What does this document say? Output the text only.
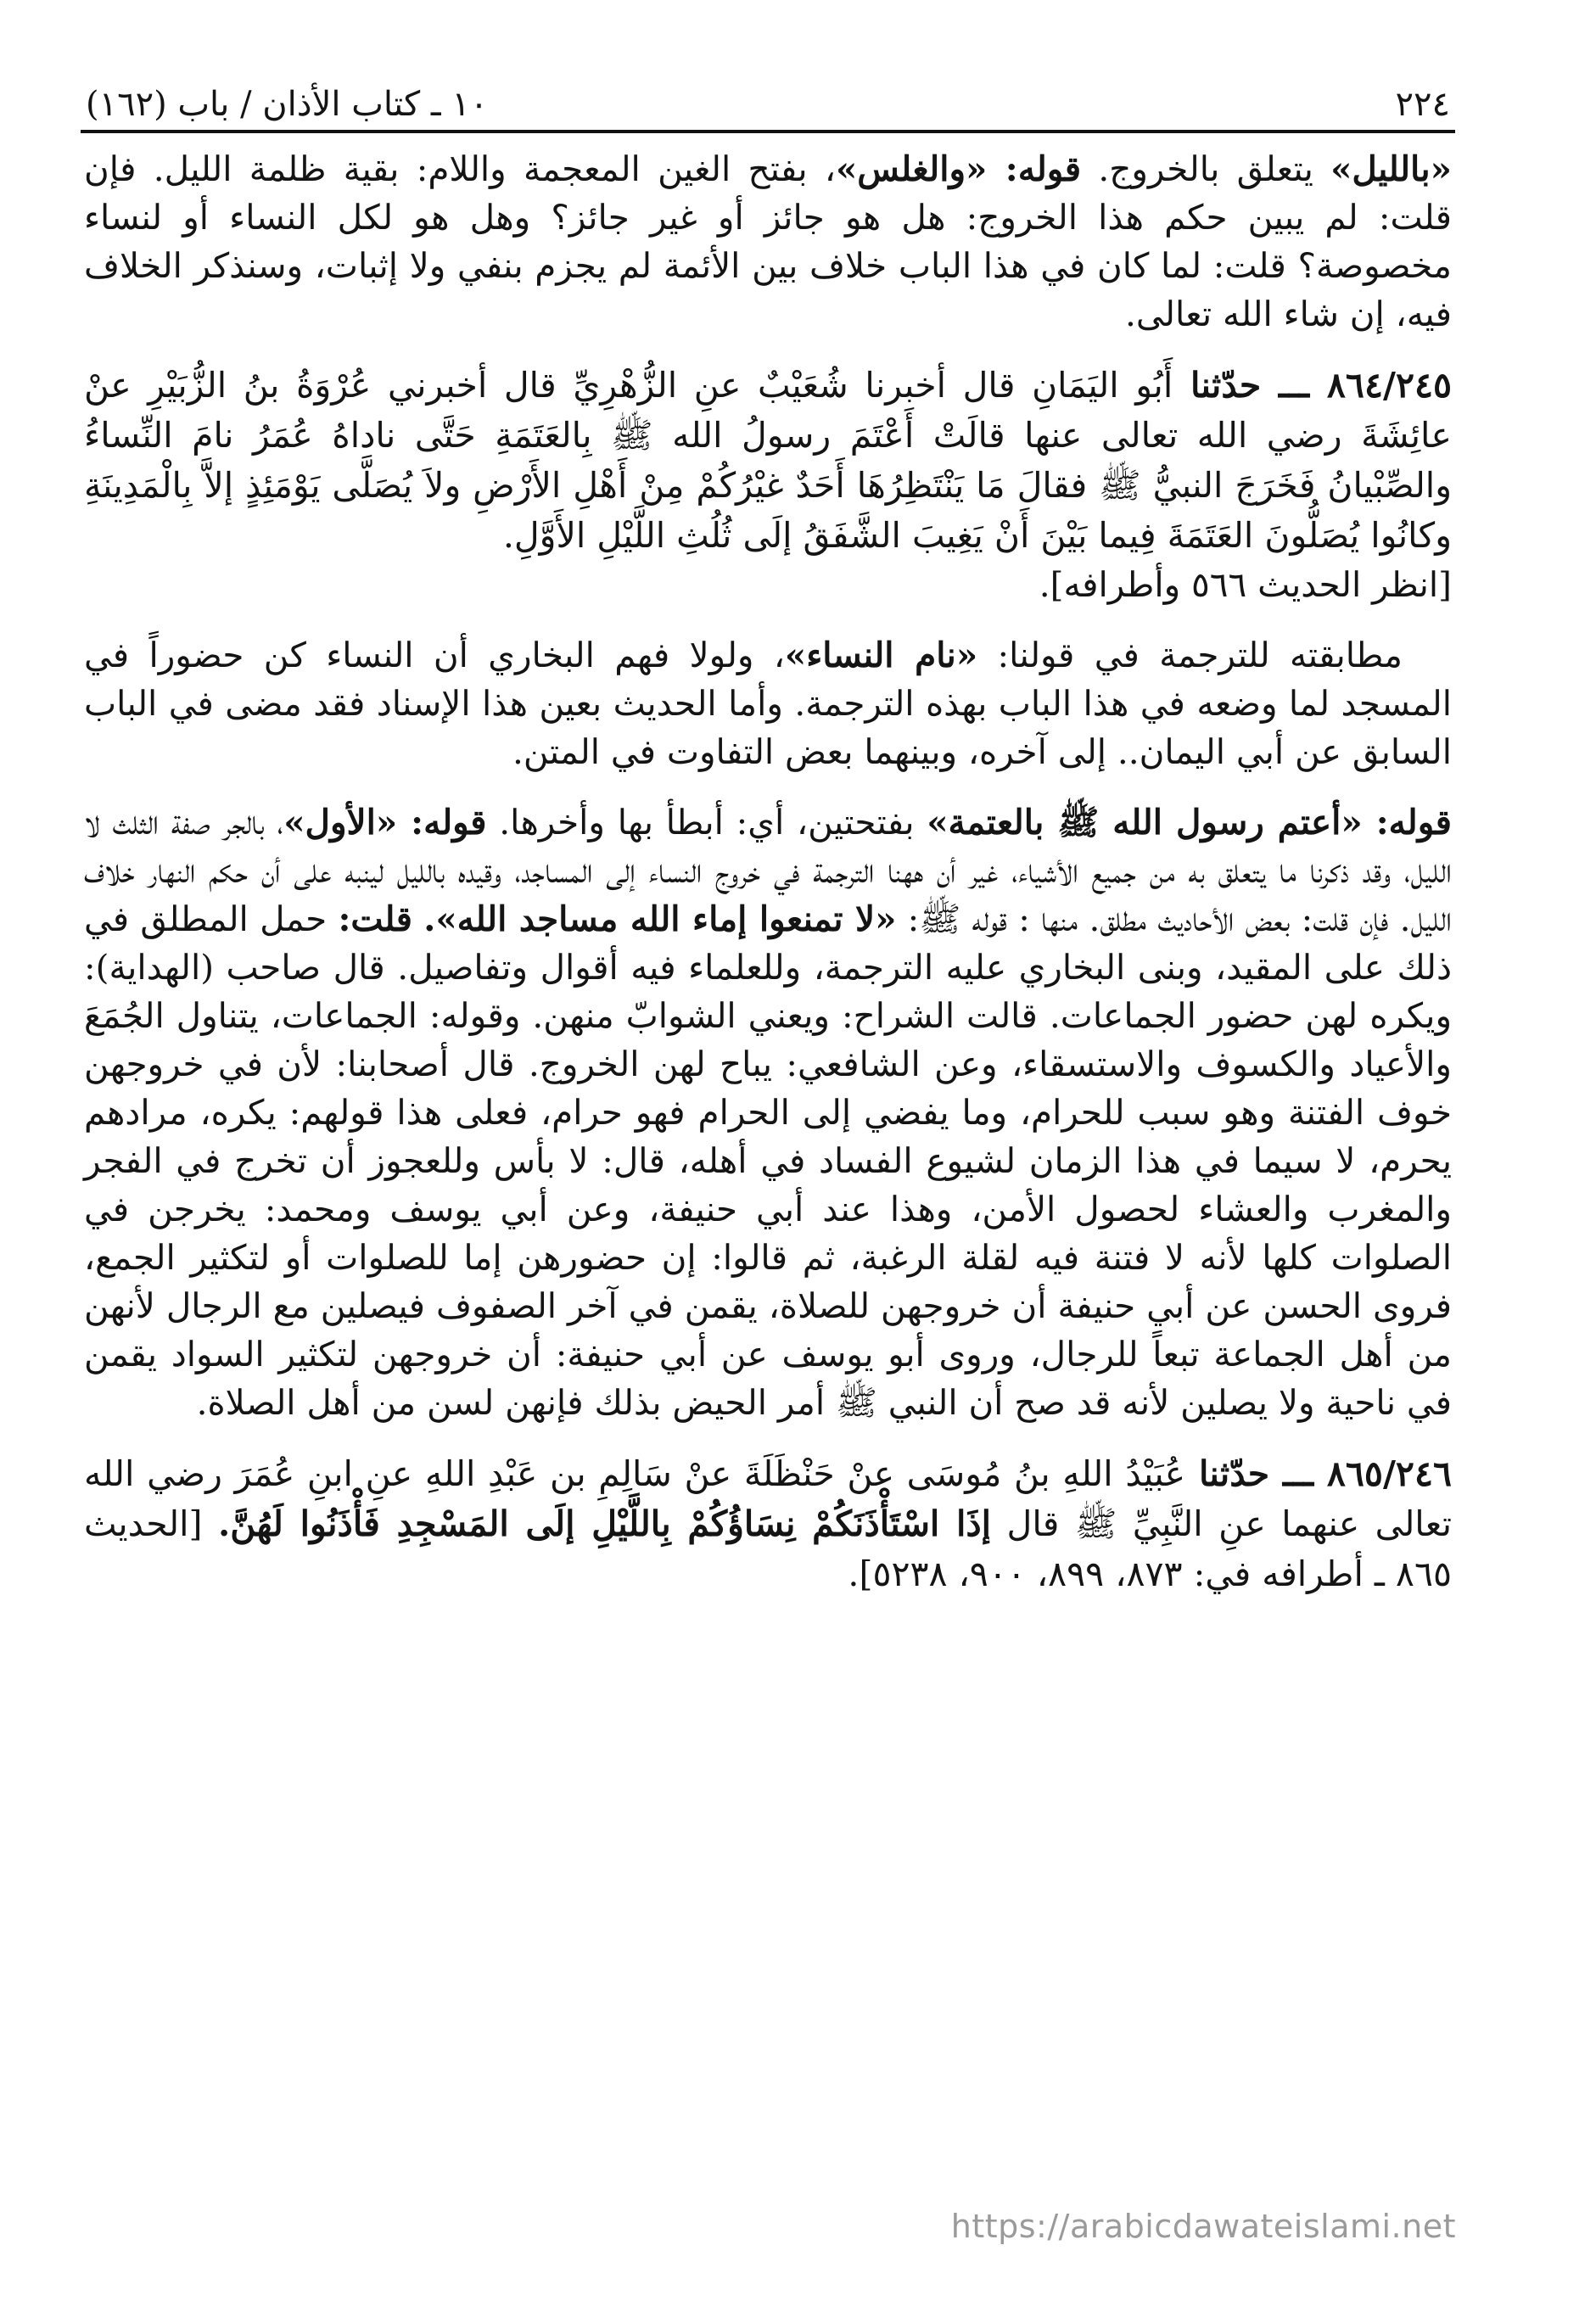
٢٢٤
١٠ ـ كتاب الأذان / باب (١٦٢)

«بالليل» يتعلق بالخروج. قوله: «والغلس»، بفتح الغين المعجمة واللام: بقية ظلمة الليل. فإن قلت: لم يبين حكم هذا الخروج: هل هو جائز أو غير جائز؟ وهل هو لكل النساء أو لنساء مخصوصة؟ قلت: لما كان في هذا الباب خلاف بين الأئمة لم يجزم بنفي ولا إثبات، وسنذكر الخلاف فيه، إن شاء الله تعالى.

٨٦٤/٢٤٥ ـــ حدّثنا أَبُو اليَمَانِ قال أخبرنا شُعَيْبٌ عنِ الزُّهْرِيِّ قال أخبرني عُرْوَةُ بنُ الزُّبَيْرِ عنْ عائِشَةَ رضي الله تعالى عنها قالَتْ أَعْتَمَ رسولُ الله ﷺ بِالعَتَمَةِ حَتَّى ناداهُ عُمَرُ نامَ النِّساءُ والصِّبْيانُ فَخَرَجَ النبيُّ ﷺ فقالَ مَا يَنْتَظِرُهَا أَحَدٌ غيْرُكُمْ مِنْ أَهْلِ الأَرْضِ ولاَ يُصَلَّى يَوْمَئِذٍ إلاَّ بِالْمَدِينَةِ وكانُوا يُصَلُّونَ العَتَمَةَ فِيما بَيْنَ أَنْ يَغِيبَ الشَّفَقُ إلَى ثُلُثِ اللَّيْلِ الأَوَّلِ.

[انظر الحديث ٥٦٦ وأطرافه].

مطابقته للترجمة في قولنا: «نام النساء»، ولولا فهم البخاري أن النساء كن حضوراً في المسجد لما وضعه في هذا الباب بهذه الترجمة. وأما الحديث بعين هذا الإسناد فقد مضى في الباب السابق عن أبي اليمان.. إلى آخره، وبينهما بعض التفاوت في المتن.

قوله: «أعتم رسول الله ﷺ بالعتمة» بفتحتين، أي: أبطأ بها وأخرها. قوله: «الأول»، بالجر صفة الثلث لا الليل، وقد ذكرنا ما يتعلق به من جميع الأشياء، غير أن ههنا الترجمة في خروج النساء إلى المساجد، وقيده بالليل لينبه على أن حكم النهار خلاف الليل. فإن قلت: بعض الأحاديث مطلق. منها : قوله ﷺ: «لا تمنعوا إماء الله مساجد الله». قلت: حمل المطلق في ذلك على المقيد، وبنى البخاري عليه الترجمة، وللعلماء فيه أقوال وتفاصيل. قال صاحب (الهداية): ويكره لهن حضور الجماعات. قالت الشراح: ويعني الشوابّ منهن. وقوله: الجماعات، يتناول الجُمَعَ والأعياد والكسوف والاستسقاء، وعن الشافعي: يباح لهن الخروج. قال أصحابنا: لأن في خروجهن خوف الفتنة وهو سبب للحرام، وما يفضي إلى الحرام فهو حرام، فعلى هذا قولهم: يكره، مرادهم يحرم، لا سيما في هذا الزمان لشيوع الفساد في أهله، قال: لا بأس وللعجوز أن تخرج في الفجر والمغرب والعشاء لحصول الأمن، وهذا عند أبي حنيفة، وعن أبي يوسف ومحمد: يخرجن في الصلوات كلها لأنه لا فتنة فيه لقلة الرغبة، ثم قالوا: إن حضورهن إما للصلوات أو لتكثير الجمع، فروى الحسن عن أبي حنيفة أن خروجهن للصلاة، يقمن في آخر الصفوف فيصلين مع الرجال لأنهن من أهل الجماعة تبعاً للرجال، وروى أبو يوسف عن أبي حنيفة: أن خروجهن لتكثير السواد يقمن في ناحية ولا يصلين لأنه قد صح أن النبي ﷺ أمر الحيض بذلك فإنهن لسن من أهل الصلاة.

٨٦٥/٢٤٦ ـــ حدّثنا عُبَيْدُ اللهِ بنُ مُوسَى عنْ حَنْظَلَةَ عنْ سَالِمِ بن عَبْدِ اللهِ عنِ ابنِ عُمَرَ رضي الله تعالى عنهما عنِ النَّبِيِّ ﷺ قال إذَا اسْتَأْذَنَكُمْ نِسَاؤُكُمْ بِاللَّيْلِ إلَى المَسْجِدِ فَأْذَنُوا لَهُنَّ. [الحديث ٨٦٥ ـ أطرافه في: ٨٧٣، ٨٩٩، ٩٠٠، ٥٢٣٨].

https://arabicdawateislami.net
